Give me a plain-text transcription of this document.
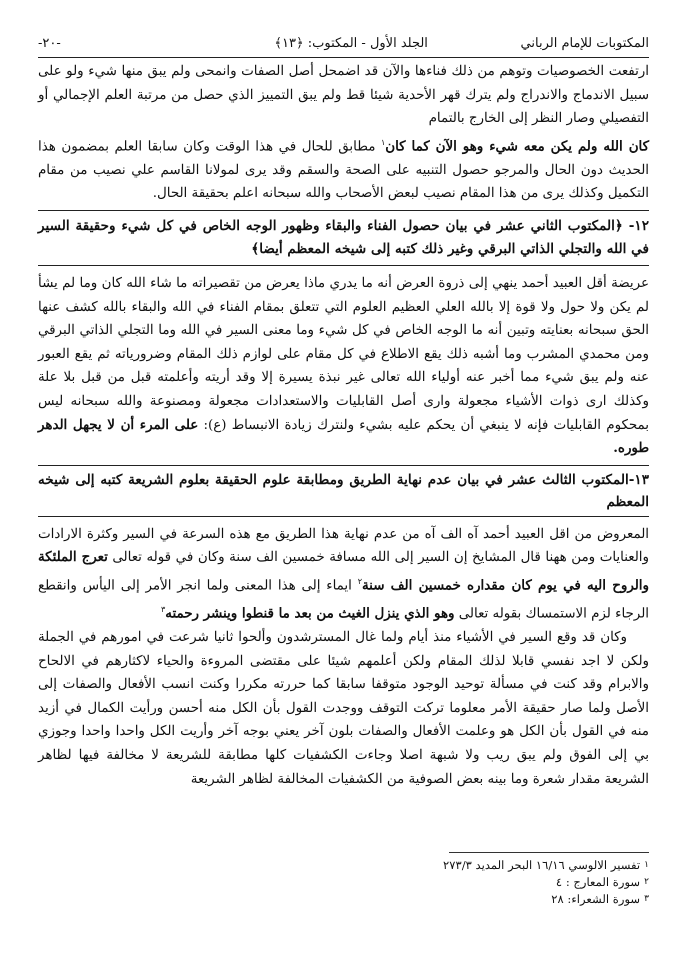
المكتوبات للإمام الرباني
الجلد الأول - المكتوب: ﴿١٣﴾
-٢٠-

ارتفعت الخصوصيات وتوهم من ذلك فناءها والآن قد اضمحل أصل الصفات وانمحى ولم يبق منها شيء ولو على سبيل الاندماج والاندراج ولم يترك قهر الأحدية شيئا قط ولم يبق التمييز الذي حصل من مرتبة العلم الإجمالي أو التفصيلي وصار النظر إلى الخارج بالتمام

كان الله ولم يكن معه شيء وهو الآن كما كان$^١$ مطابق للحال في هذا الوقت وكان سابقا العلم بمضمون هذا الحديث دون الحال والمرجو حصول التنبيه على الصحة والسقم وقد يرى لمولانا القاسم علي نصيب من مقام التكميل وكذلك يرى من هذا المقام نصيب لبعض الأصحاب والله سبحانه اعلم بحقيقة الحال.

١٢- ﴿المكتوب الثاني عشر في بيان حصول الفناء والبقاء وظهور الوجه الخاص في كل شيء وحقيقة السير في الله والتجلي الذاتي البرقي وغير ذلك كتبه إلى شيخه المعظم أيضا﴾

عريضة أقل العبيد أحمد ينهي إلى ذروة العرض أنه ما يدري ماذا يعرض من تقصيراته ما شاء الله كان وما لم يشأ لم يكن ولا حول ولا قوة إلا بالله العلي العظيم العلوم التي تتعلق بمقام الفناء في الله والبقاء بالله كشف عنها الحق سبحانه بعنايته وتبين أنه ما الوجه الخاص في كل شيء وما معنى السير في الله وما التجلي الذاتي البرقي ومن محمدي المشرب وما أشبه ذلك يقع الاطلاع في كل مقام على لوازم ذلك المقام وضرورياته ثم يقع العبور عنه ولم يبق شيء مما أخبر عنه أولياء الله تعالى غير نبذة يسيرة إلا وقد أريته وأعلمته قبل من قبل بلا علة وكذلك ارى ذوات الأشياء مجعولة وارى أصل القابليات والاستعدادات مجعولة ومصنوعة والله سبحانه ليس بمحكوم القابليات فإنه لا ينبغي أن يحكم عليه بشيء ولنترك زيادة الانبساط (ع): على المرء أن لا يجهل الدهر طوره.

١٣-المكتوب الثالث عشر في بيان عدم نهاية الطريق ومطابقة علوم الحقيقة بعلوم الشريعة كتبه إلى شيخه المعظم

المعروض من اقل العبيد أحمد آه الف آه من عدم نهاية هذا الطريق مع هذه السرعة في السير وكثرة الارادات والعنايات ومن ههنا قال المشايخ إن السير إلى الله مسافة خمسين الف سنة وكان في قوله تعالى تعرج الملئكة والروح اليه في يوم كان مقداره خمسين الف سنة$^٢$ ايماء إلى هذا المعنى ولما انجر الأمر إلى اليأس وانقطع الرجاء لزم الاستمساك بقوله تعالى وهو الذي ينزل الغيث من بعد ما قنطوا وينشر رحمته$^٣$

وكان قد وقع السير في الأشياء منذ أيام ولما غال المسترشدون وألحوا ثانيا شرعت في امورهم في الجملة ولكن لا اجد نفسي قابلا لذلك المقام ولكن أعلمهم شيئا على مقتضى المروءة والحياء لاكثارهم في الالحاح والابرام وقد كنت في مسألة توحيد الوجود متوقفا سابقا كما حررته مكررا وكنت انسب الأفعال والصفات إلى الأصل ولما صار حقيقة الأمر معلوما تركت التوقف ووجدت القول بأن الكل منه أحسن ورأيت الكمال في أزيد منه في القول بأن الكل هو وعلمت الأفعال والصفات بلون آخر يعني بوجه آخر وأريت الكل واحدا واحدا وجوزي بي إلى الفوق ولم يبق ريب ولا شبهة اصلا وجاءت الكشفيات كلها مطابقة للشريعة لا مخالفة فيها لظاهر الشريعة مقدار شعرة وما بينه بعض الصوفية من الكشفيات المخالفة لظاهر الشريعة

١
تفسير الالوسي ١٦/١٦ البحر المديد ٢٧٣/٣
٢
سورة المعارج : ٤
٣
سورة الشعراء: ٢٨
